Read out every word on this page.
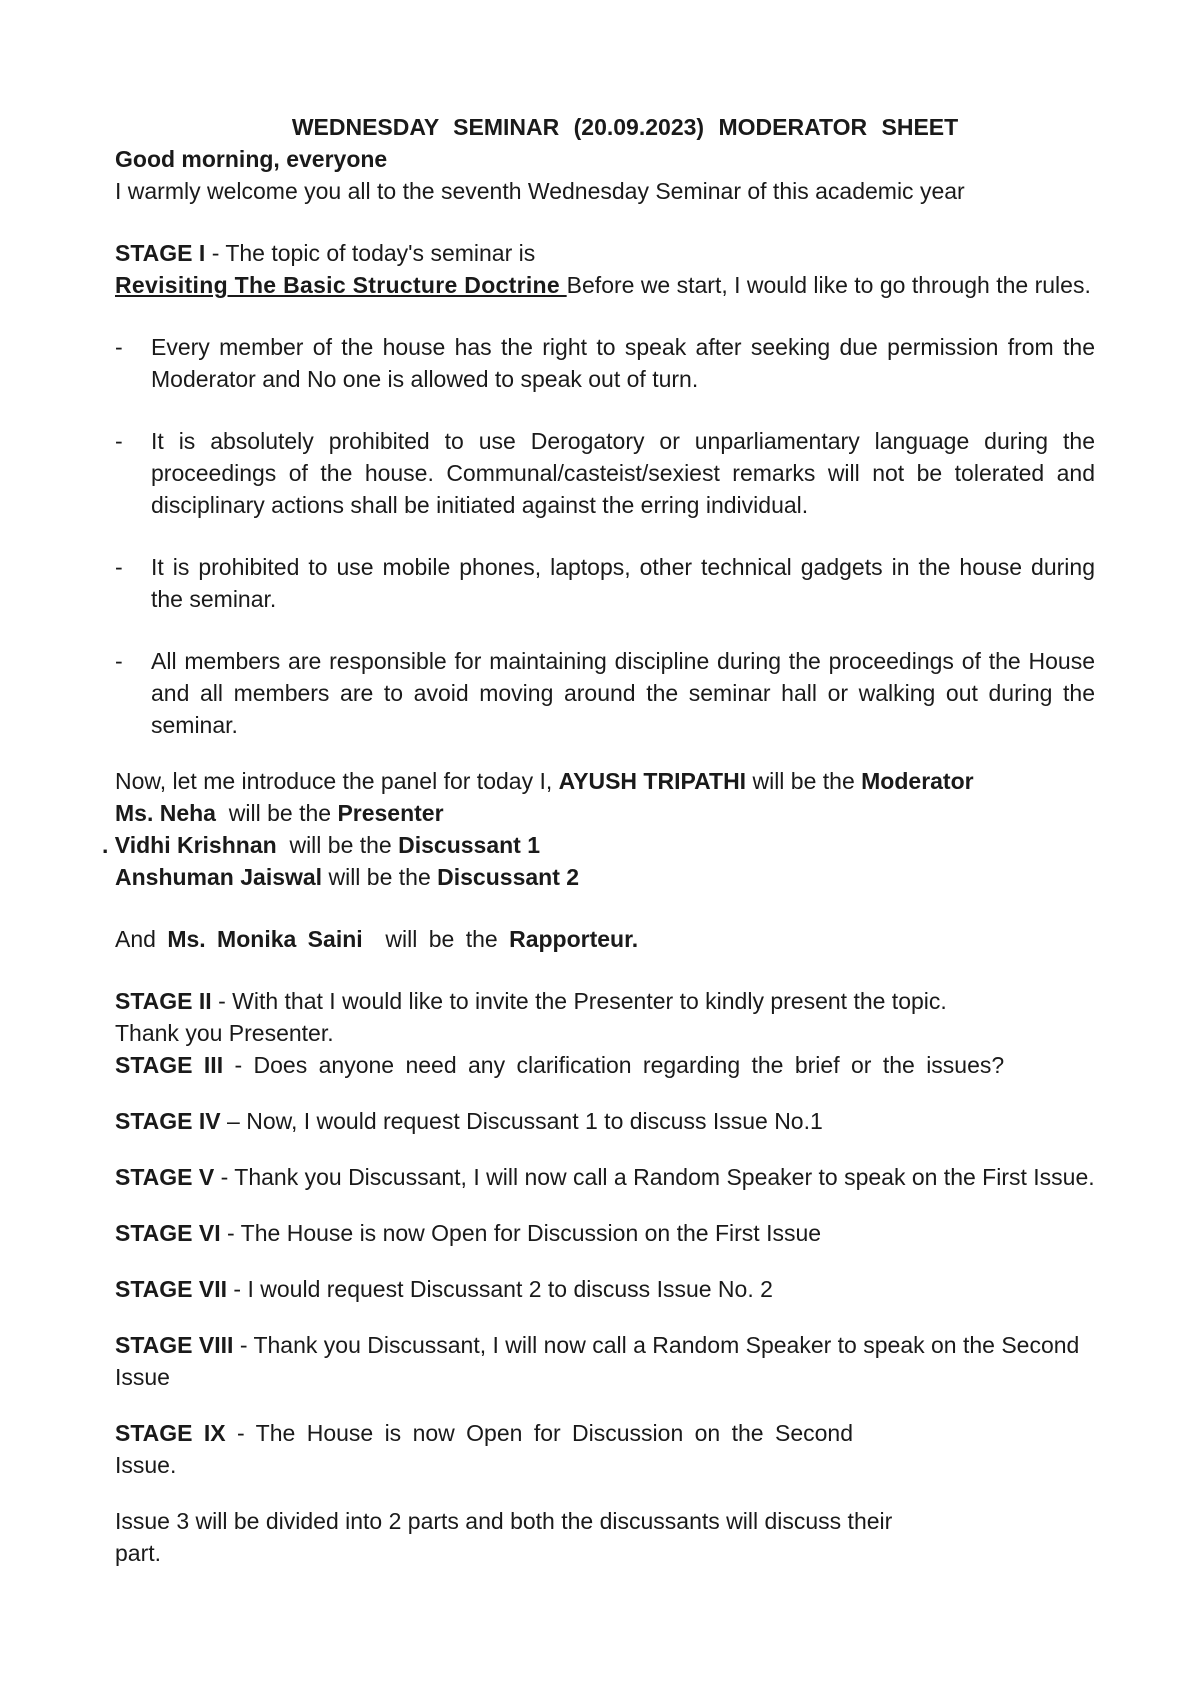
WEDNESDAY SEMINAR (20.09.2023) MODERATOR SHEET
Good morning, everyone
I warmly welcome you all to the seventh Wednesday Seminar of this academic year
STAGE I - The topic of today's seminar is
Revisiting The Basic Structure Doctrine Before we start, I would like to go through the rules.
-	Every member of the house has the right to speak after seeking due permission from the Moderator and No one is allowed to speak out of turn.
-	It is absolutely prohibited to use Derogatory or unparliamentary language during the proceedings of the house. Communal/casteist/sexiest remarks will not be tolerated and disciplinary actions shall be initiated against the erring individual.
-	It is prohibited to use mobile phones, laptops, other technical gadgets in the house during the seminar.
-	All members are responsible for maintaining discipline during the proceedings of the House and all members are to avoid moving around the seminar hall or walking out during the seminar.
Now, let me introduce the panel for today I, AYUSH TRIPATHI will be the Moderator
Ms. Neha  will be the Presenter
. Vidhi Krishnan  will be the Discussant 1
Anshuman Jaiswal will be the Discussant 2
And Ms. Monika Saini  will be the Rapporteur.
STAGE II - With that I would like to invite the Presenter to kindly present the topic.
Thank you Presenter.
STAGE III - Does anyone need any clarification regarding the brief or the issues?
STAGE IV – Now, I would request Discussant 1 to discuss Issue No.1
STAGE V - Thank you Discussant, I will now call a Random Speaker to speak on the First Issue.
STAGE VI - The House is now Open for Discussion on the First Issue
STAGE VII - I would request Discussant 2 to discuss Issue No. 2
STAGE VIII - Thank you Discussant, I will now call a Random Speaker to speak on the Second Issue
STAGE IX - The House is now Open for Discussion on the Second
Issue.
Issue 3 will be divided into 2 parts and both the discussants will discuss their
part.
